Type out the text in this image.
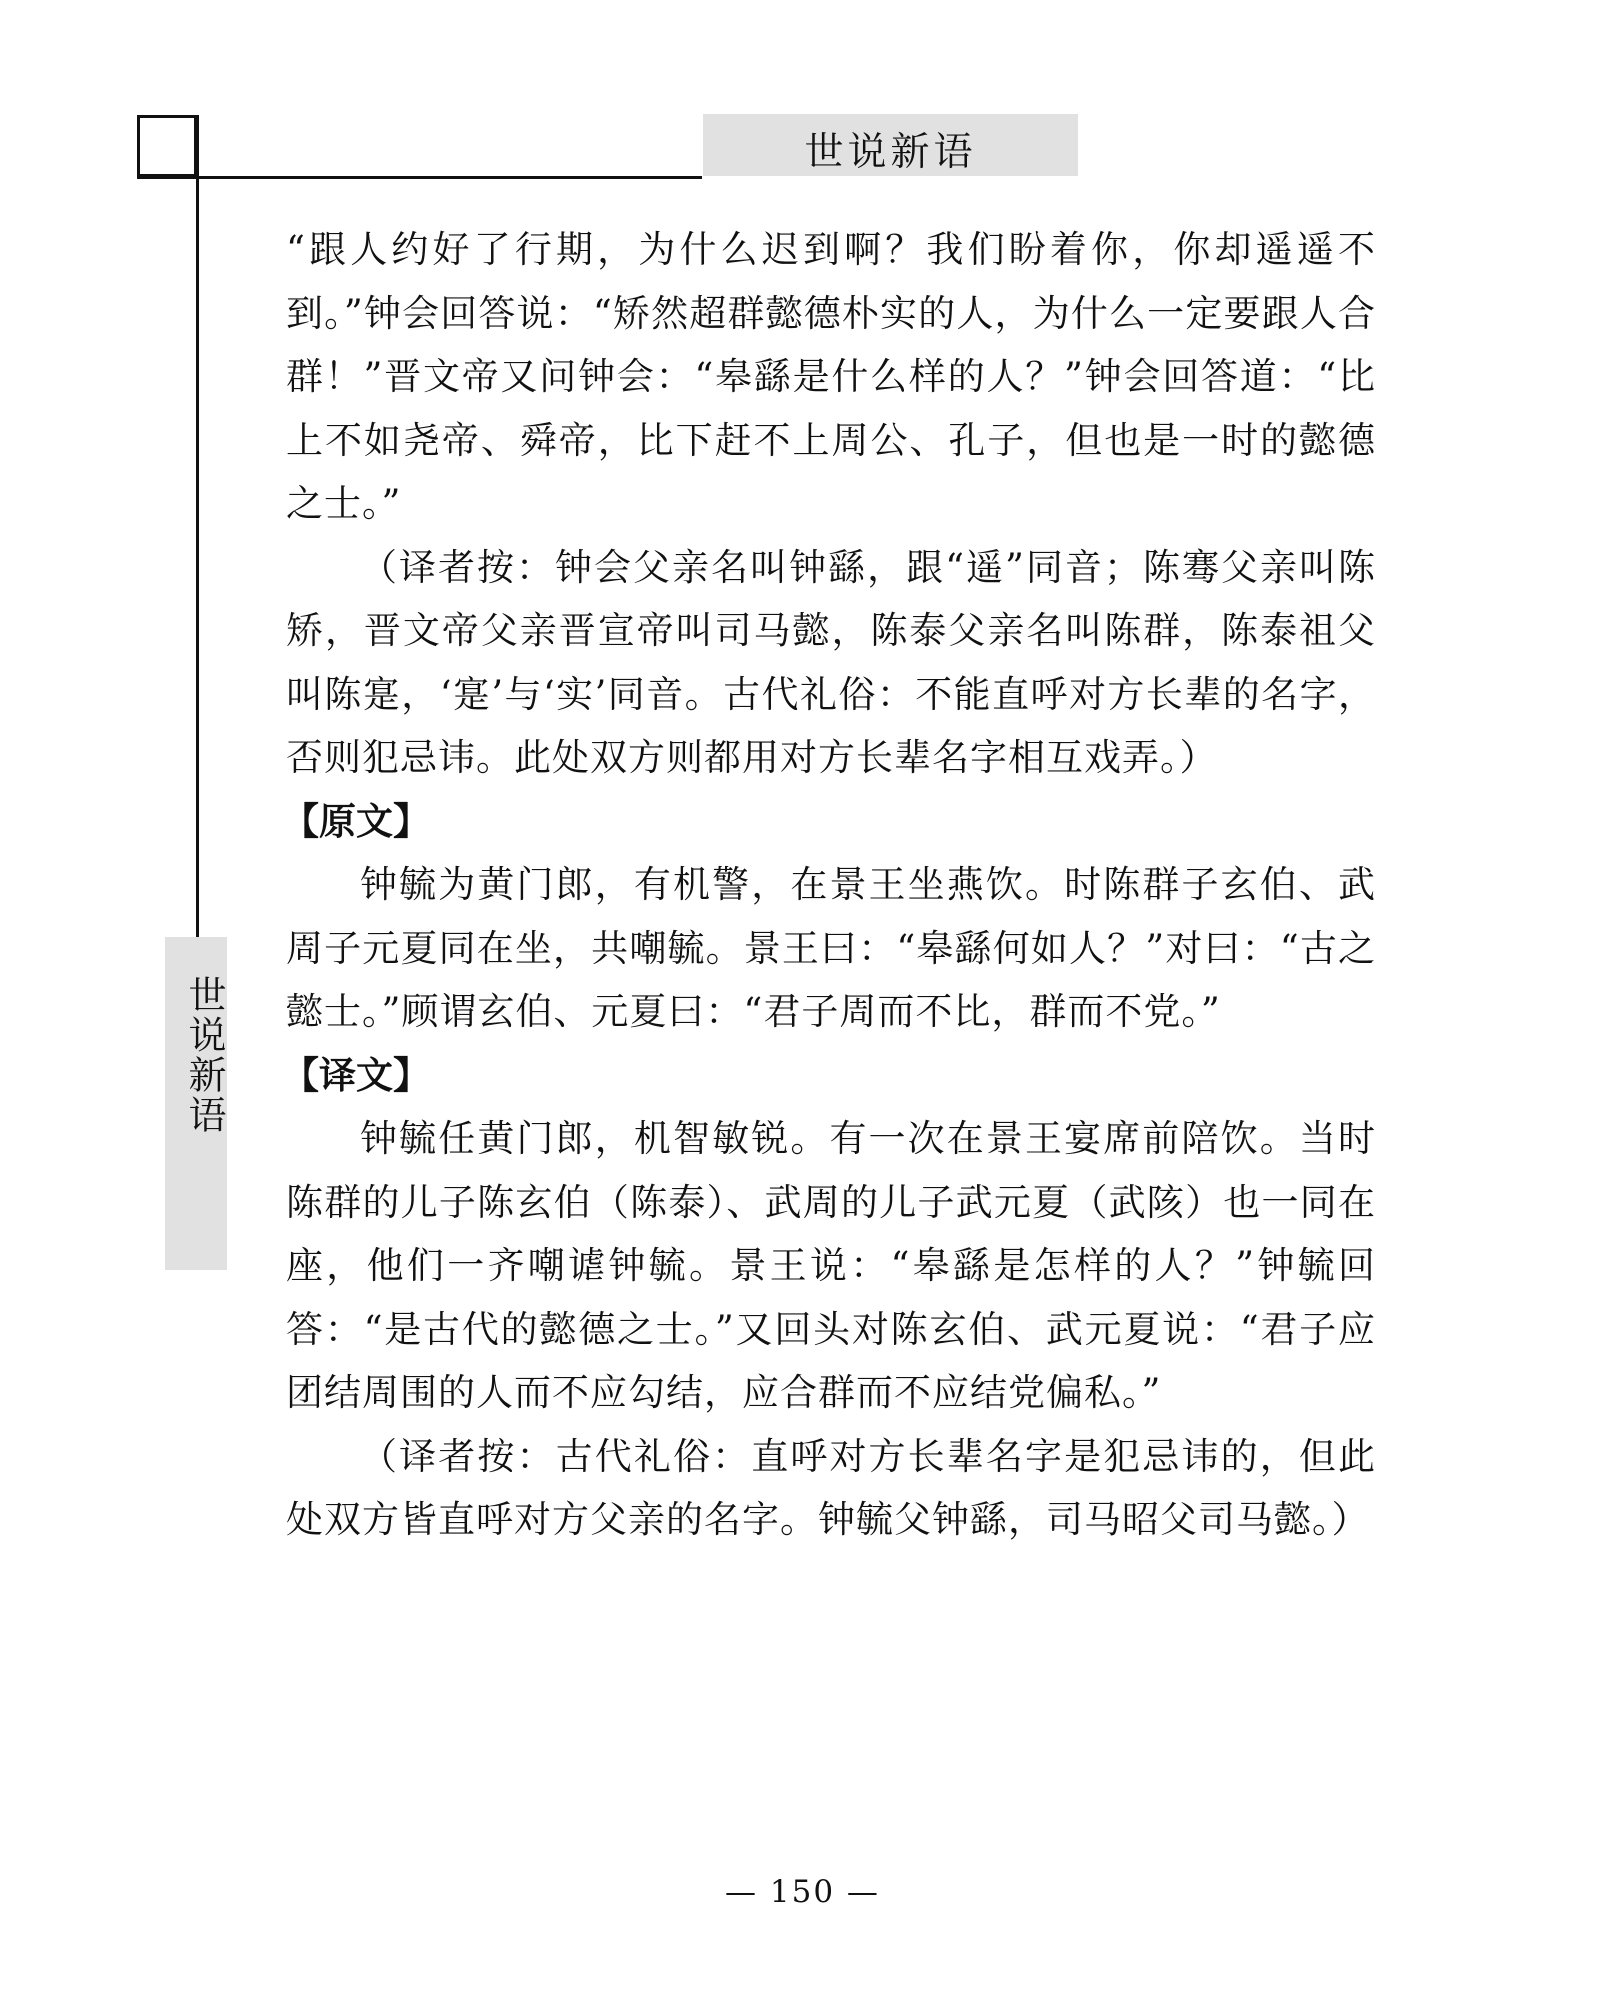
世说新语
世说新语

“跟人约好了行期，为什么迟到啊？我们盼着你，你却遥遥不到。”钟会回答说：“矫然超群懿德朴实的人，为什么一定要跟人合群！”晋文帝又问钟会：“皋繇是什么样的人？”钟会回答道：“比上不如尧帝、舜帝，比下赶不上周公、孔子，但也是一时的懿德之士。”

（译者按：钟会父亲名叫钟繇，跟“遥”同音；陈骞父亲叫陈矫，晋文帝父亲晋宣帝叫司马懿，陈泰父亲名叫陈群，陈泰祖父叫陈寔，‘寔’与‘实’同音。古代礼俗：不能直呼对方长辈的名字，否则犯忌讳。此处双方则都用对方长辈名字相互戏弄。）

【原文】

钟毓为黄门郎，有机警，在景王坐燕饮。时陈群子玄伯、武周子元夏同在坐，共嘲毓。景王曰：“皋繇何如人？”对曰：“古之懿士。”顾谓玄伯、元夏曰：“君子周而不比，群而不党。”

【译文】

钟毓任黄门郎，机智敏锐。有一次在景王宴席前陪饮。当时陈群的儿子陈玄伯（陈泰）、武周的儿子武元夏（武陔）也一同在座，他们一齐嘲谑钟毓。景王说：“皋繇是怎样的人？”钟毓回答：“是古代的懿德之士。”又回头对陈玄伯、武元夏说：“君子应团结周围的人而不应勾结，应合群而不应结党偏私。”

（译者按：古代礼俗：直呼对方长辈名字是犯忌讳的，但此处双方皆直呼对方父亲的名字。钟毓父钟繇，司马昭父司马懿。）

— 150 —
